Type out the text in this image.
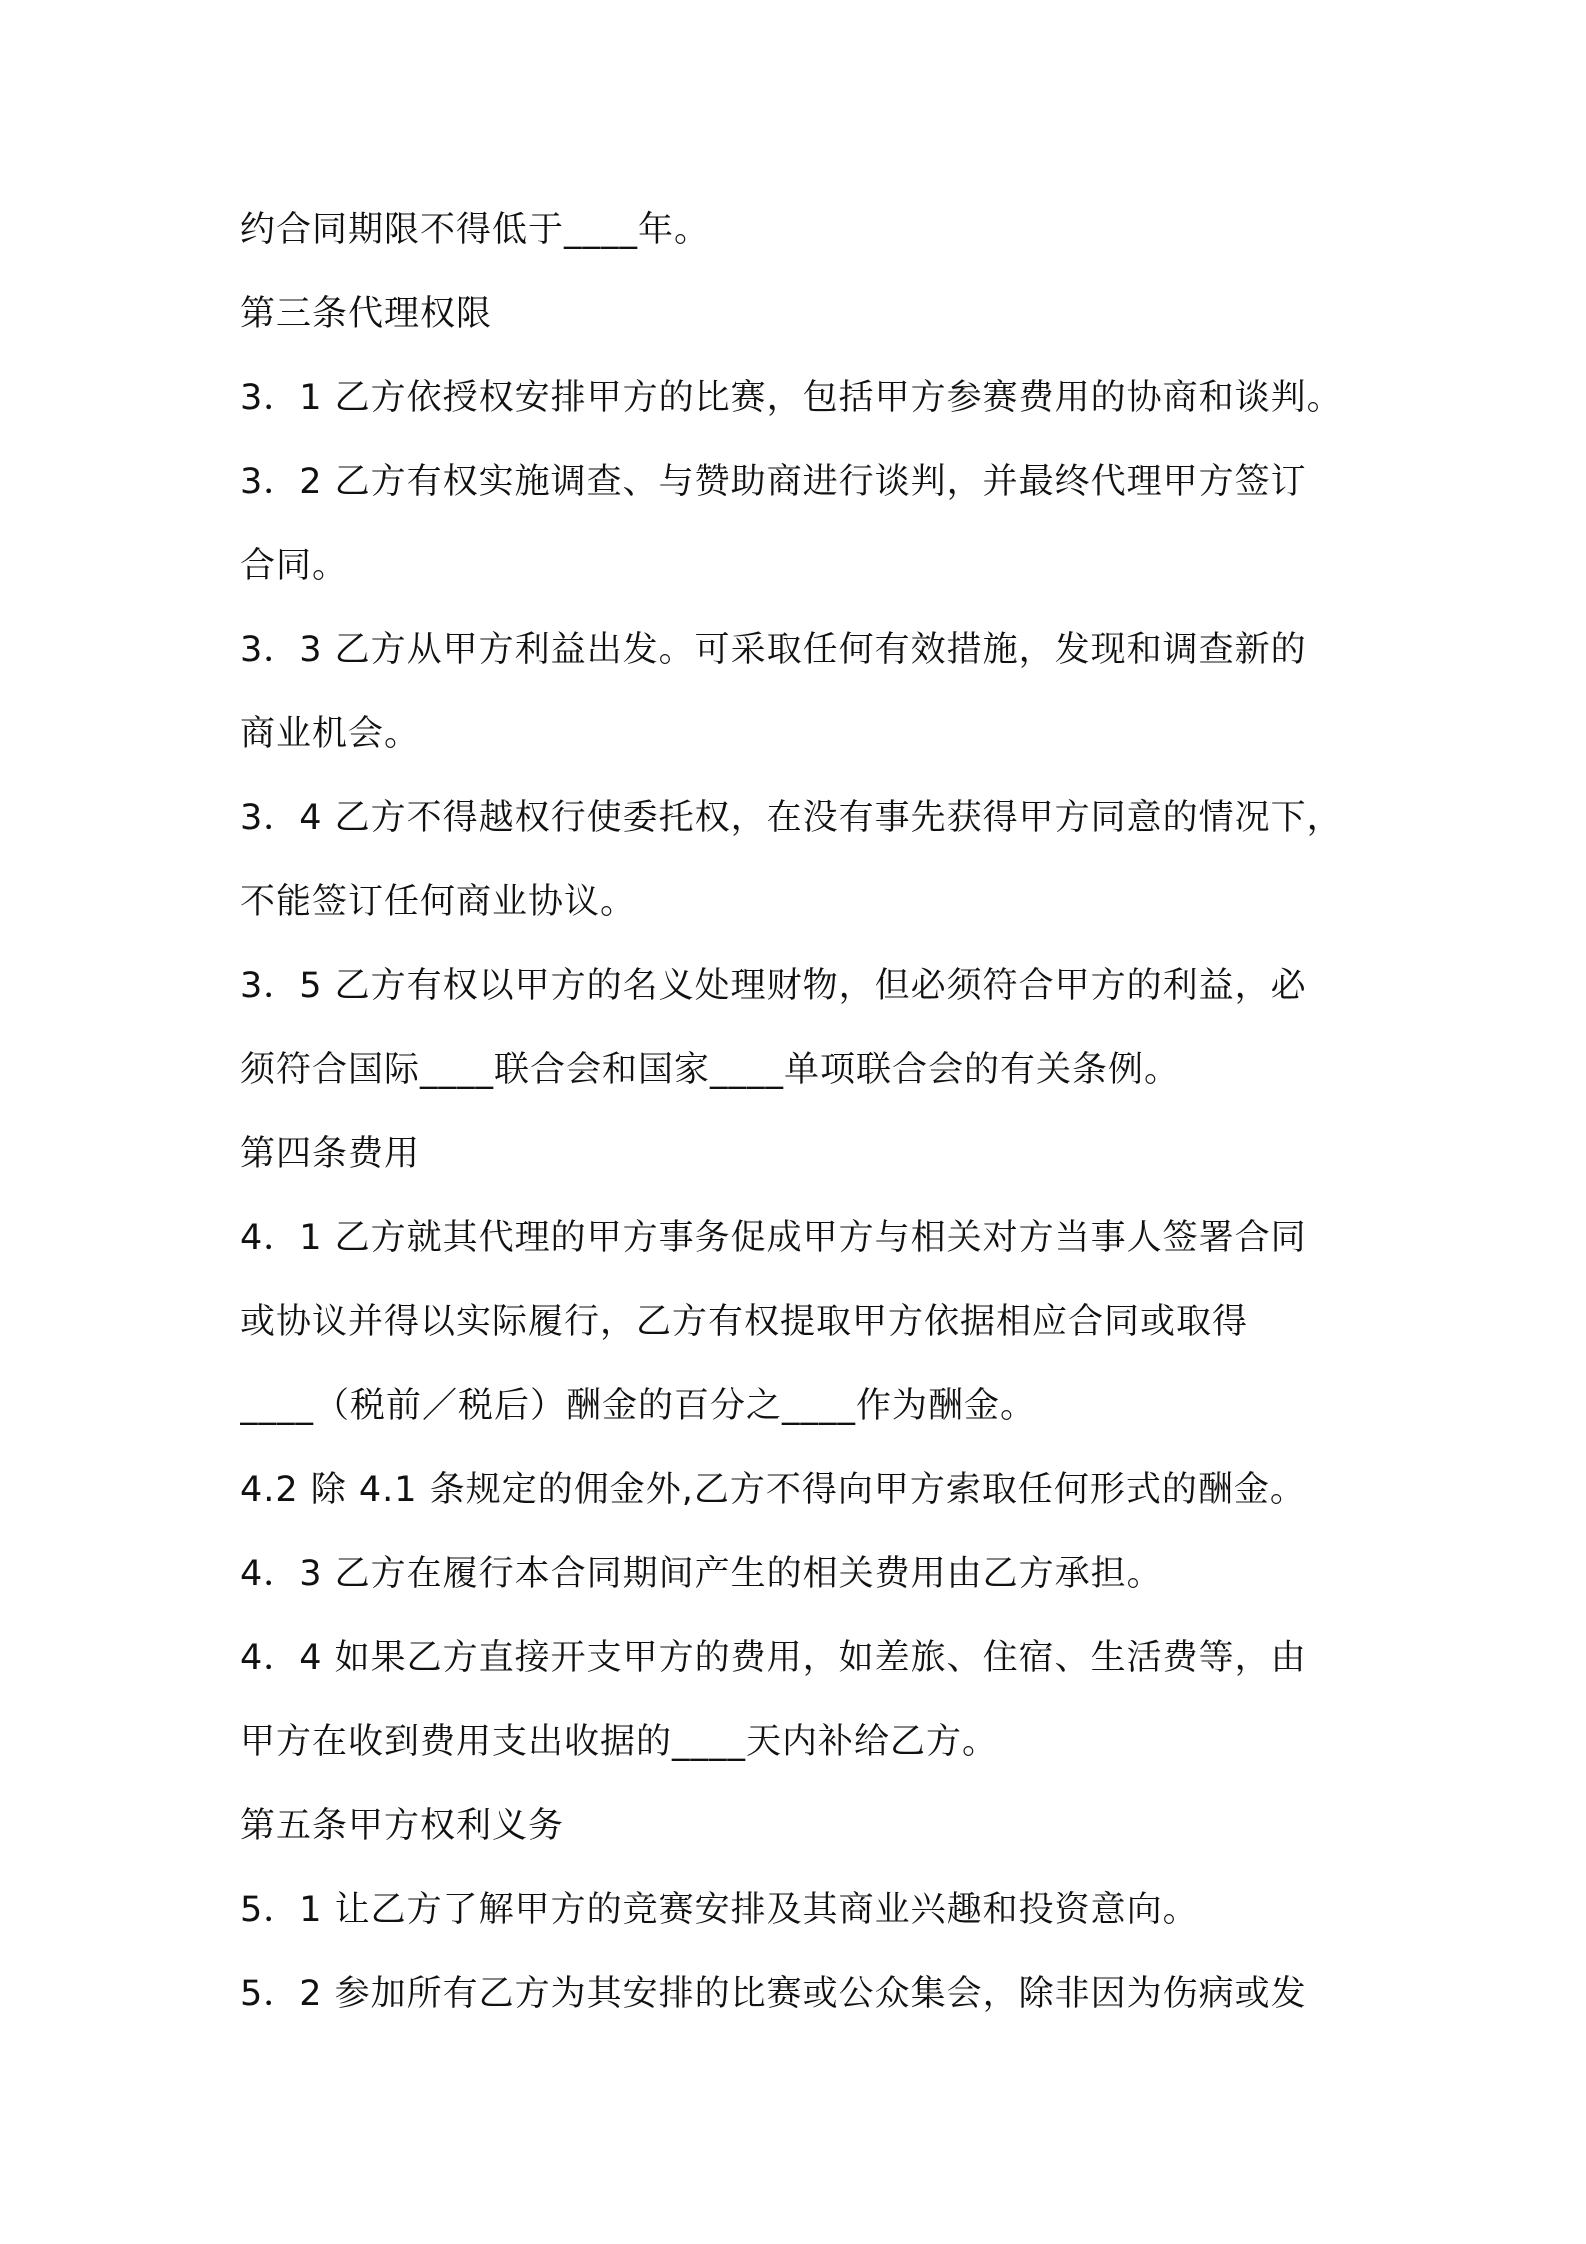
约合同期限不得低于____年。
第三条代理权限
3．1 乙方依授权安排甲方的比赛，包括甲方参赛费用的协商和谈判。
3．2 乙方有权实施调查、与赞助商进行谈判，并最终代理甲方签订
合同。
3．3 乙方从甲方利益出发。可采取任何有效措施，发现和调查新的
商业机会。
3．4 乙方不得越权行使委托权，在没有事先获得甲方同意的情况下，
不能签订任何商业协议。
3．5 乙方有权以甲方的名义处理财物，但必须符合甲方的利益，必
须符合国际____联合会和国家____单项联合会的有关条例。
第四条费用
4．1 乙方就其代理的甲方事务促成甲方与相关对方当事人签署合同
或协议并得以实际履行，乙方有权提取甲方依据相应合同或取得
____（税前／税后）酬金的百分之____作为酬金。
4.2 除 4.1 条规定的佣金外,乙方不得向甲方索取任何形式的酬金。
4．3 乙方在履行本合同期间产生的相关费用由乙方承担。
4．4 如果乙方直接开支甲方的费用，如差旅、住宿、生活费等，由
甲方在收到费用支出收据的____天内补给乙方。
第五条甲方权利义务
5．1 让乙方了解甲方的竞赛安排及其商业兴趣和投资意向。
5．2 参加所有乙方为其安排的比赛或公众集会，除非因为伤病或发
